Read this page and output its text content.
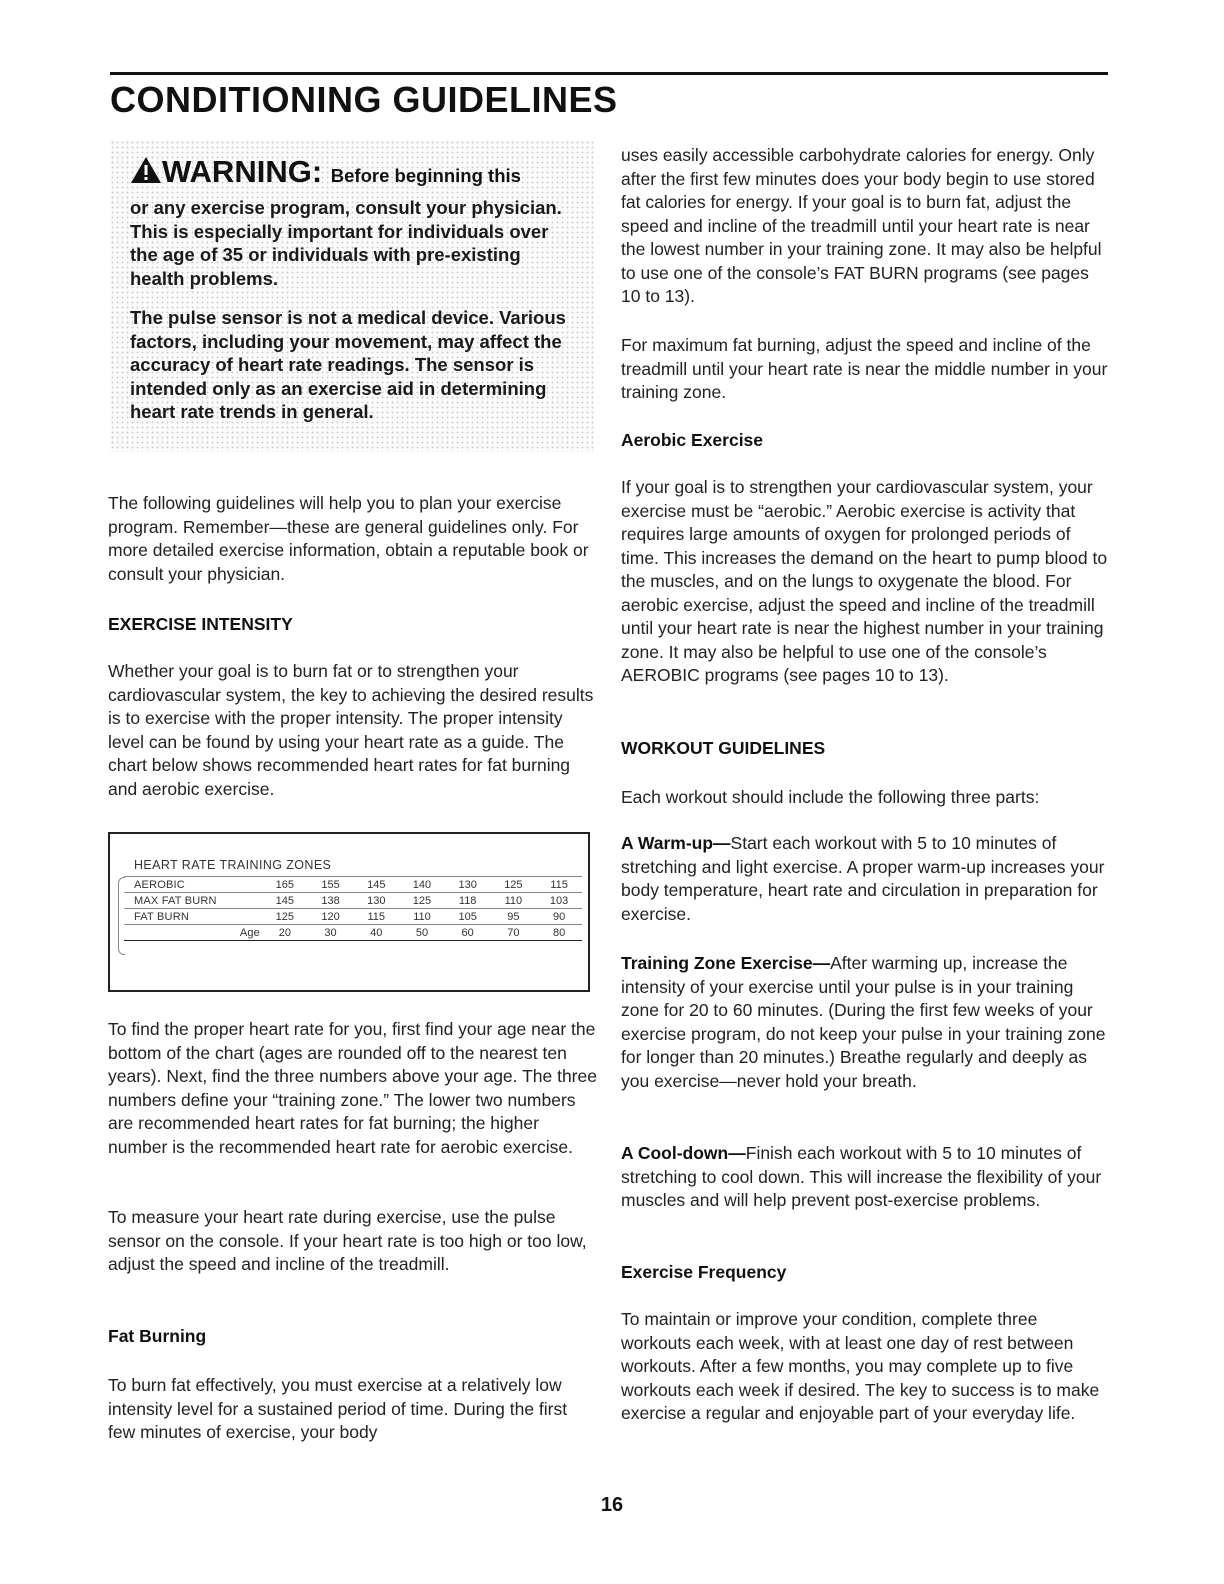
CONDITIONING GUIDELINES
WARNING: Before beginning this

or any exercise program, consult your physician. This is especially important for individuals over the age of 35 or individuals with pre-existing health problems.

The pulse sensor is not a medical device. Various factors, including your movement, may affect the accuracy of heart rate readings. The sensor is intended only as an exercise aid in determining heart rate trends in general.

The following guidelines will help you to plan your exercise program. Remember—these are general guidelines only. For more detailed exercise information, obtain a reputable book or consult your physician.

EXERCISE INTENSITY

Whether your goal is to burn fat or to strengthen your cardiovascular system, the key to achieving the desired results is to exercise with the proper intensity. The proper intensity level can be found by using your heart rate as a guide. The chart below shows recommended heart rates for fat burning and aerobic exercise.

HEART RATE TRAINING ZONES
AEROBIC	165	155	145	140	130	125	115
MAX FAT BURN	145	138	130	125	118	110	103
FAT BURN	125	120	115	110	105	95	90
Age	20	30	40	50	60	70	80

To find the proper heart rate for you, first find your age near the bottom of the chart (ages are rounded off to the nearest ten years). Next, find the three numbers above your age. The three numbers define your “training zone.” The lower two numbers are recommended heart rates for fat burning; the higher number is the recommended heart rate for aerobic exercise.

To measure your heart rate during exercise, use the pulse sensor on the console. If your heart rate is too high or too low, adjust the speed and incline of the treadmill.

Fat Burning

To burn fat effectively, you must exercise at a relatively low intensity level for a sustained period of time. During the first few minutes of exercise, your body

uses easily accessible carbohydrate calories for energy. Only after the first few minutes does your body begin to use stored fat calories for energy. If your goal is to burn fat, adjust the speed and incline of the treadmill until your heart rate is near the lowest number in your training zone. It may also be helpful to use one of the console’s FAT BURN programs (see pages 10 to 13).

For maximum fat burning, adjust the speed and incline of the treadmill until your heart rate is near the middle number in your training zone.

Aerobic Exercise

If your goal is to strengthen your cardiovascular system, your exercise must be “aerobic.” Aerobic exercise is activity that requires large amounts of oxygen for prolonged periods of time. This increases the demand on the heart to pump blood to the muscles, and on the lungs to oxygenate the blood. For aerobic exercise, adjust the speed and incline of the treadmill until your heart rate is near the highest number in your training zone. It may also be helpful to use one of the console’s AEROBIC programs (see pages 10 to 13).

WORKOUT GUIDELINES

Each workout should include the following three parts:

A Warm-up—Start each workout with 5 to 10 minutes of stretching and light exercise. A proper warm-up increases your body temperature, heart rate and circulation in preparation for exercise.

Training Zone Exercise—After warming up, increase the intensity of your exercise until your pulse is in your training zone for 20 to 60 minutes. (During the first few weeks of your exercise program, do not keep your pulse in your training zone for longer than 20 minutes.) Breathe regularly and deeply as you exercise—never hold your breath.

A Cool-down—Finish each workout with 5 to 10 minutes of stretching to cool down. This will increase the flexibility of your muscles and will help prevent post-exercise problems.

Exercise Frequency

To maintain or improve your condition, complete three workouts each week, with at least one day of rest between workouts. After a few months, you may complete up to five workouts each week if desired. The key to success is to make exercise a regular and enjoyable part of your everyday life.

16
